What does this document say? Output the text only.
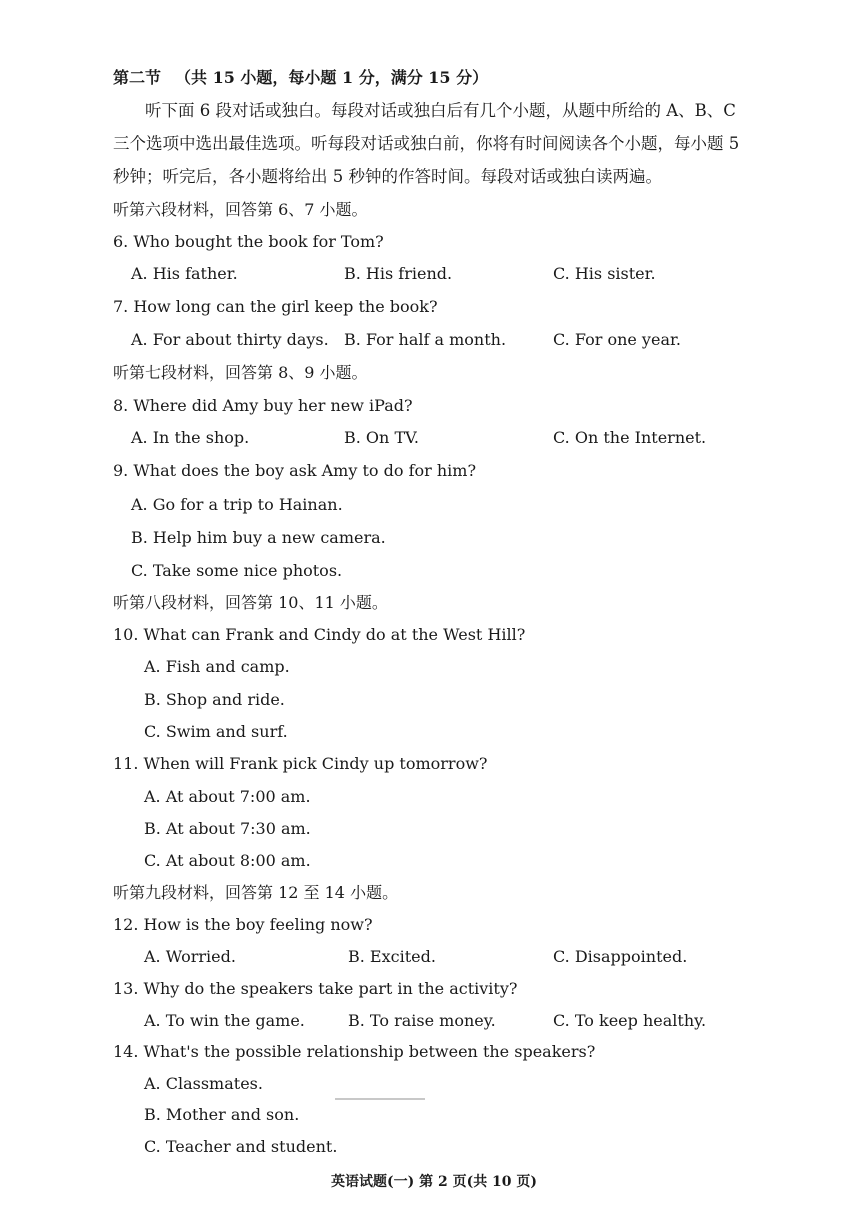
第二节 （共 15 小题，每小题 1 分，满分 15 分）
听下面 6 段对话或独白。每段对话或独白后有几个小题，从题中所给的 A、B、C
三个选项中选出最佳选项。听每段对话或独白前，你将有时间阅读各个小题，每小题 5
秒钟；听完后，各小题将给出 5 秒钟的作答时间。每段对话或独白读两遍。
听第六段材料，回答第 6、7 小题。
6. Who bought the book for Tom?
A. His father.	B. His friend.	C. His sister.
7. How long can the girl keep the book?
A. For about thirty days. B. For half a month.	C. For one year.
听第七段材料，回答第 8、9 小题。
8. Where did Amy buy her new iPad?
A. In the shop.	B. On TV.	C. On the Internet.
9. What does the boy ask Amy to do for him?
A. Go for a trip to Hainan.
B. Help him buy a new camera.
C. Take some nice photos.
听第八段材料，回答第 10、11 小题。
10. What can Frank and Cindy do at the West Hill?
A. Fish and camp.
B. Shop and ride.
C. Swim and surf.
11. When will Frank pick Cindy up tomorrow?
A. At about 7:00 am.
B. At about 7:30 am.
C. At about 8:00 am.
听第九段材料，回答第 12 至 14 小题。
12. How is the boy feeling now?
A. Worried.	B. Excited.	C. Disappointed.
13. Why do the speakers take part in the activity?
A. To win the game.	B. To raise money.	C. To keep healthy.
14. What's the possible relationship between the speakers?
A. Classmates.
B. Mother and son.
C. Teacher and student.
英语试题(一) 第 2 页(共 10 页)
